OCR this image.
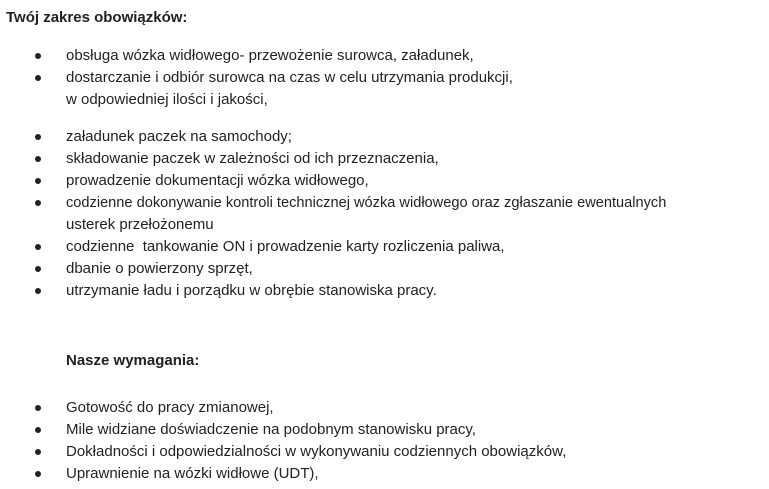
Twój zakres obowiązków:
obsługa wózka widłowego- przewożenie surowca, załadunek,
dostarczanie i odbiór surowca na czas w celu utrzymania produkcji,
w odpowiedniej ilości i jakości,
załadunek paczek na samochody;
składowanie paczek w zależności od ich przeznaczenia,
prowadzenie dokumentacji wózka widłowego,
codzienne dokonywanie kontroli technicznej wózka widłowego oraz zgłaszanie ewentualnych
usterek przełożonemu
codzienne  tankowanie ON i prowadzenie karty rozliczenia paliwa,
dbanie o powierzony sprzęt,
utrzymanie ładu i porządku w obrębie stanowiska pracy.
Nasze wymagania:
Gotowość do pracy zmianowej,
Mile widziane doświadczenie na podobnym stanowisku pracy,
Dokładności i odpowiedzialności w wykonywaniu codziennych obowiązków,
Uprawnienie na wózki widłowe (UDT),
